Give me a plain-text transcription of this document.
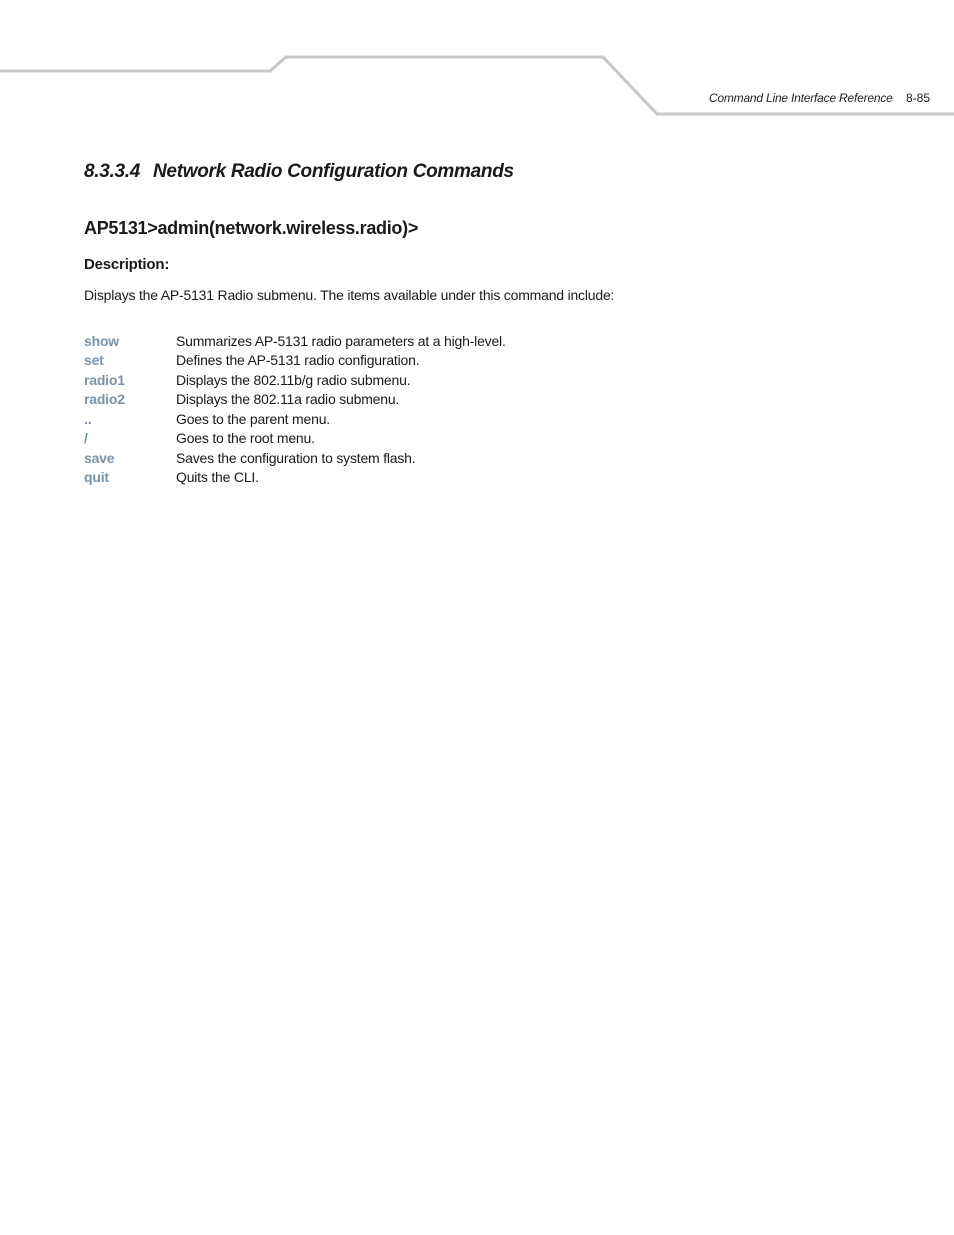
Command Line Interface Reference 8-85
8.3.3.4 Network Radio Configuration Commands
AP5131>admin(network.wireless.radio)>
Description:

Displays the AP-5131 Radio submenu. The items available under this command include:

show	Summarizes AP-5131 radio parameters at a high-level.
set	Defines the AP-5131 radio configuration.
radio1	Displays the 802.11b/g radio submenu.
radio2	Displays the 802.11a radio submenu.
..	Goes to the parent menu.
/	Goes to the root menu.
save	Saves the configuration to system flash.
quit	Quits the CLI.
